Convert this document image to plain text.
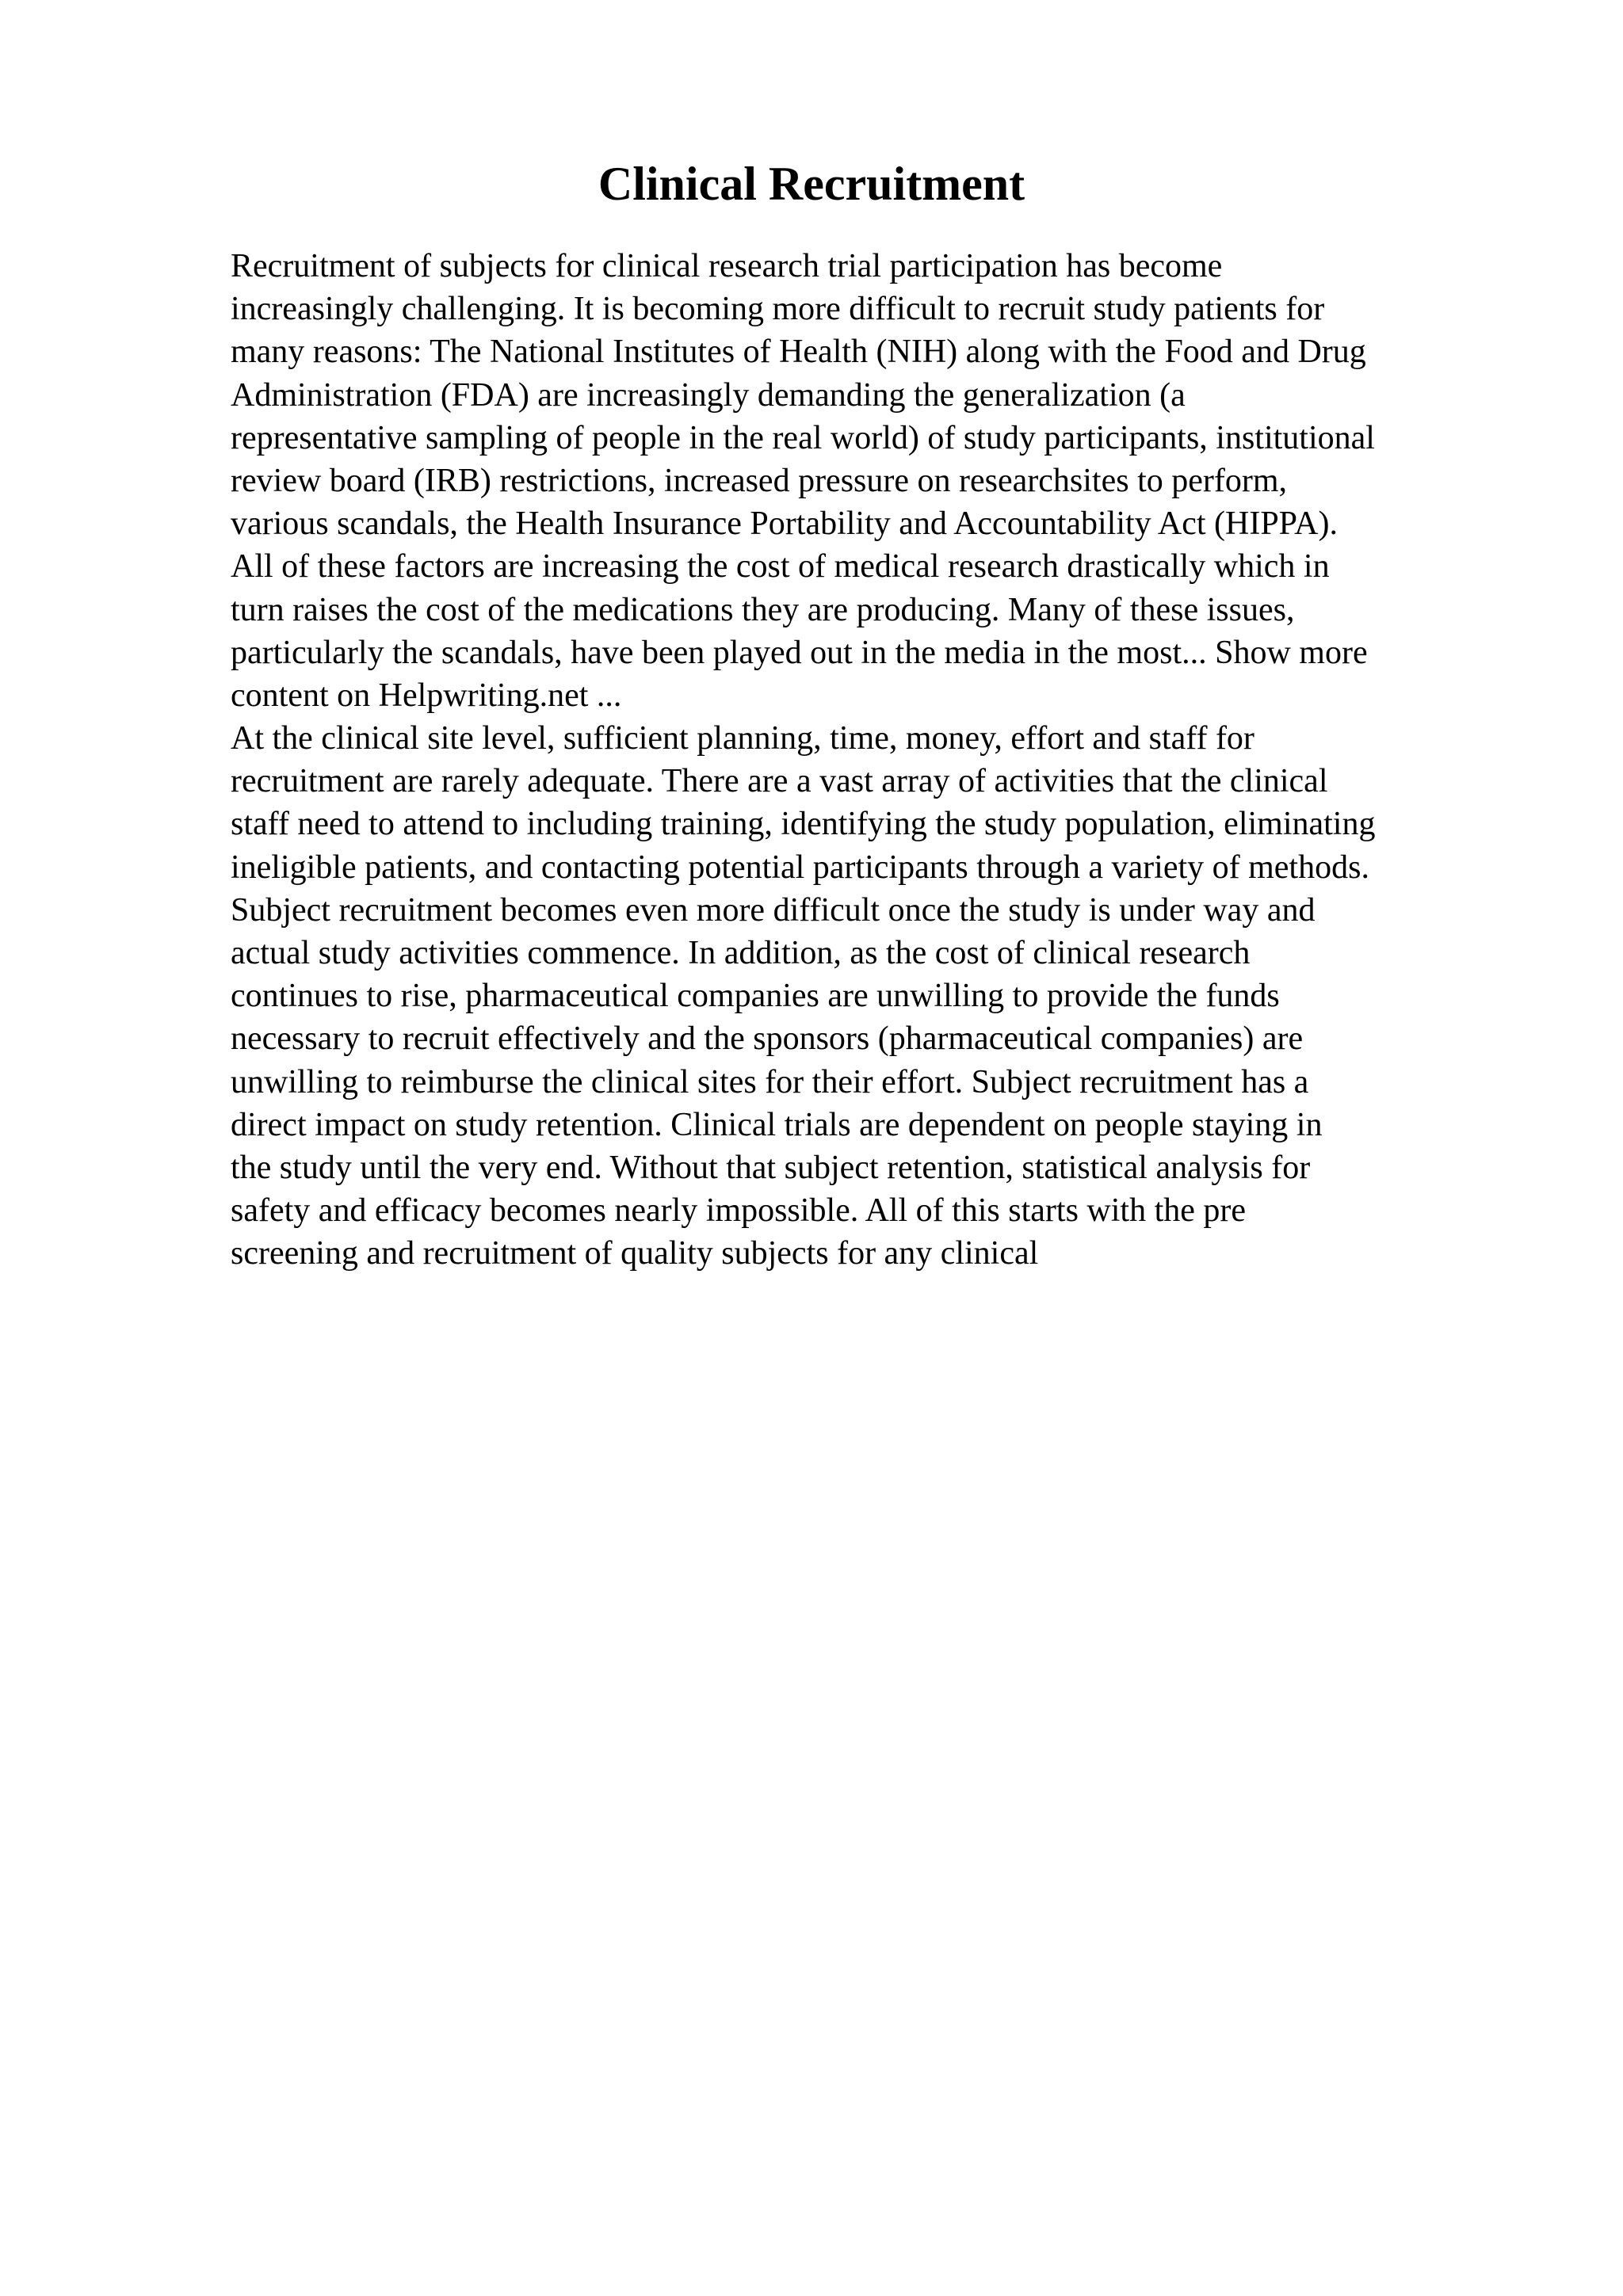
Clinical Recruitment
Recruitment of subjects for clinical research trial participation has become
increasingly challenging. It is becoming more difficult to recruit study patients for
many reasons: The National Institutes of Health (NIH) along with the Food and Drug
Administration (FDA) are increasingly demanding the generalization (a
representative sampling of people in the real world) of study participants, institutional
review board (IRB) restrictions, increased pressure on researchsites to perform,
various scandals, the Health Insurance Portability and Accountability Act (HIPPA).
All of these factors are increasing the cost of medical research drastically which in
turn raises the cost of the medications they are producing. Many of these issues,
particularly the scandals, have been played out in the media in the most... Show more
content on Helpwriting.net ...
At the clinical site level, sufficient planning, time, money, effort and staff for
recruitment are rarely adequate. There are a vast array of activities that the clinical
staff need to attend to including training, identifying the study population, eliminating
ineligible patients, and contacting potential participants through a variety of methods.
Subject recruitment becomes even more difficult once the study is under way and
actual study activities commence. In addition, as the cost of clinical research
continues to rise, pharmaceutical companies are unwilling to provide the funds
necessary to recruit effectively and the sponsors (pharmaceutical companies) are
unwilling to reimburse the clinical sites for their effort. Subject recruitment has a
direct impact on study retention. Clinical trials are dependent on people staying in
the study until the very end. Without that subject retention, statistical analysis for
safety and efficacy becomes nearly impossible. All of this starts with the pre
screening and recruitment of quality subjects for any clinical
